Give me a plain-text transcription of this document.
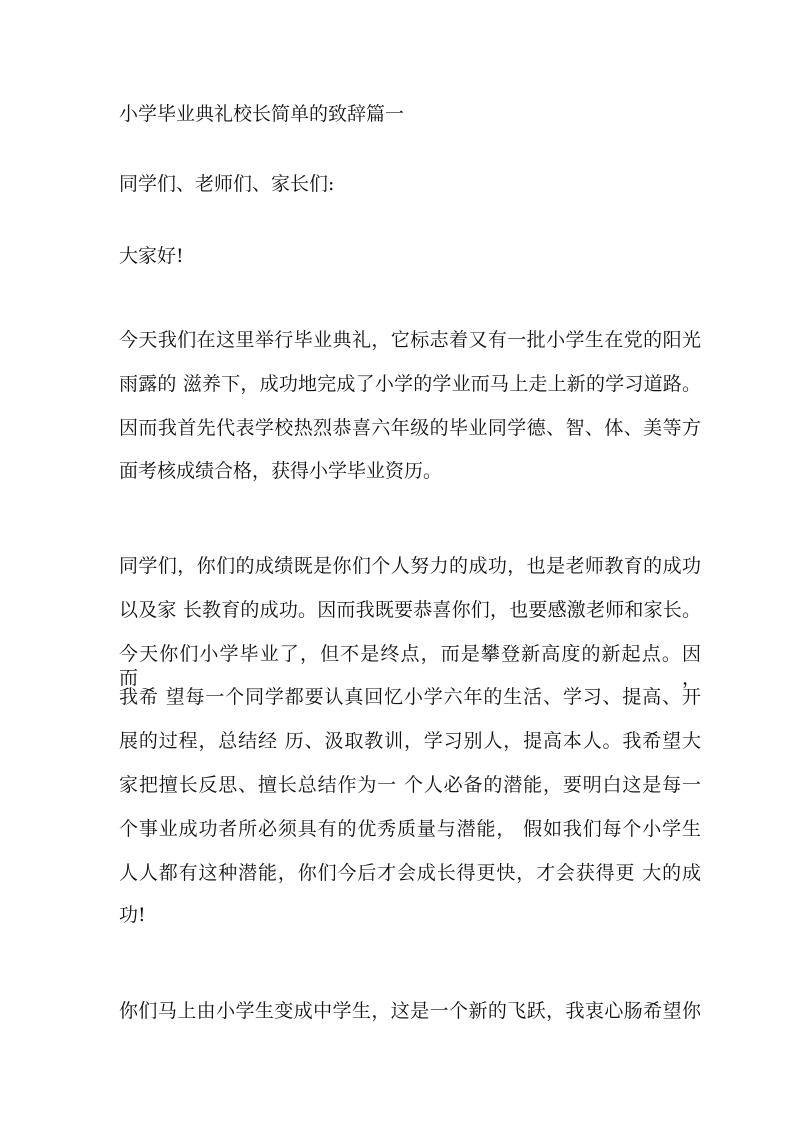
小学毕业典礼校长简单的致辞篇一
同学们、老师们、家长们:
大家好!
今天我们在这里举行毕业典礼，它标志着又有一批小学生在党的阳光
雨露的 滋养下，成功地完成了小学的学业而马上走上新的学习道路。
因而我首先代表学校热烈恭喜六年级的毕业同学德、智、体、美等方
面考核成绩合格，获得小学毕业资历。
同学们，你们的成绩既是你们个人努力的成功，也是老师教育的成功
以及家 长教育的成功。因而我既要恭喜你们，也要感激老师和家长。
今天你们小学毕业了，但不是终点，而是攀登新高度的新起点。因而，
我希 望每一个同学都要认真回忆小学六年的生活、学习、提高、开
展的过程，总结经 历、汲取教训，学习别人，提高本人。我希望大
家把擅长反思、擅长总结作为一 个人必备的潜能，要明白这是每一
个事业成功者所必须具有的优秀质量与潜能， 假如我们每个小学生
人人都有这种潜能，你们今后才会成长得更快，才会获得更 大的成
功!
你们马上由小学生变成中学生，这是一个新的飞跃，我衷心肠希望你
